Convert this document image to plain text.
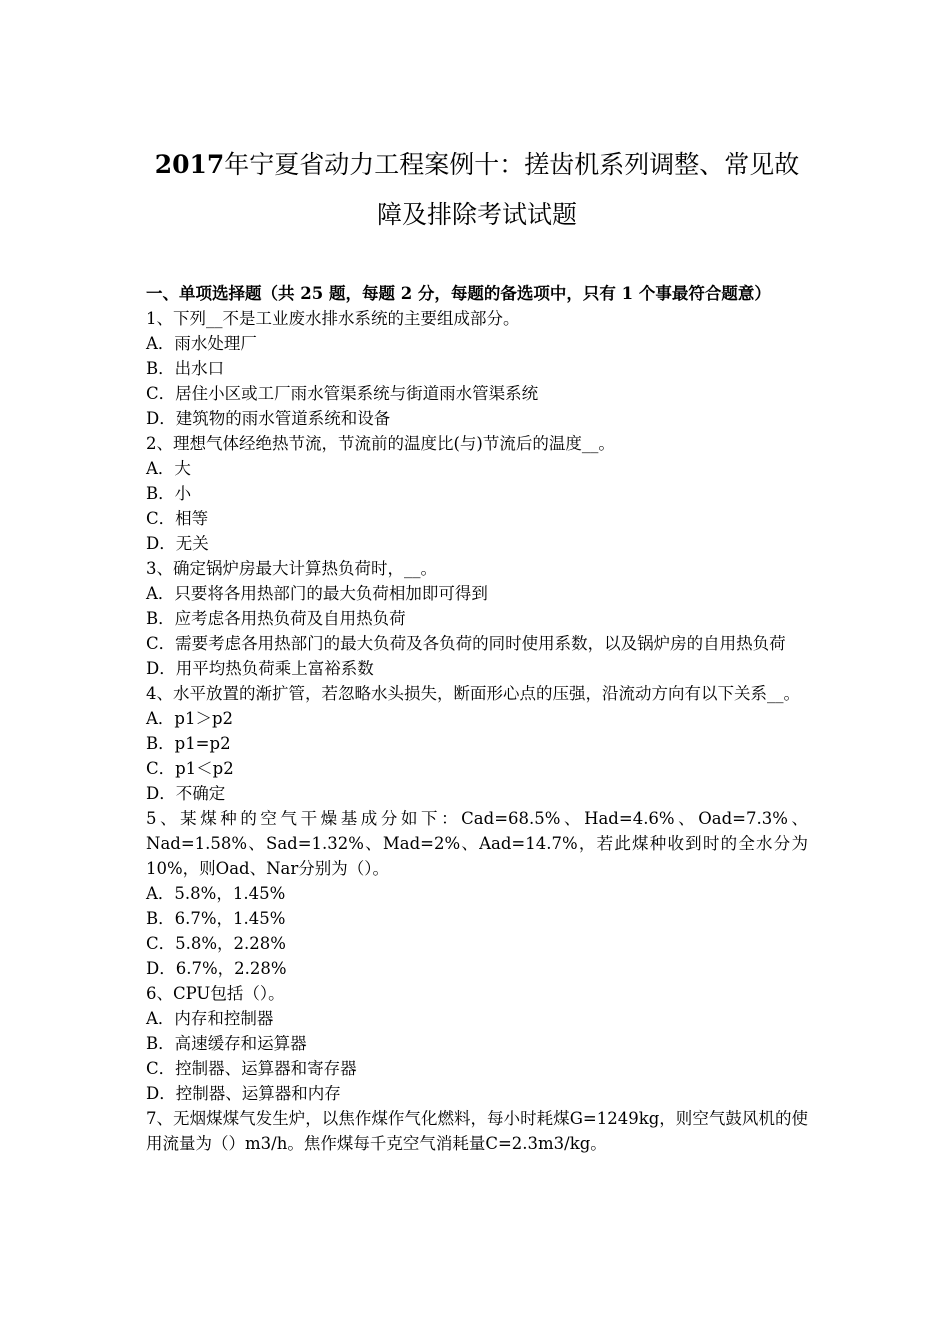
2017年宁夏省动力工程案例十：搓齿机系列调整、常见故障及排除考试试题
一、单项选择题（共 25 题，每题 2 分，每题的备选项中，只有 1 个事最符合题意）

1、下列__不是工业废水排水系统的主要组成部分。

A．雨水处理厂

B．出水口

C．居住小区或工厂雨水管渠系统与街道雨水管渠系统

D．建筑物的雨水管道系统和设备

2、理想气体经绝热节流，节流前的温度比(与)节流后的温度__。

A．大

B．小

C．相等

D．无关

3、确定锅炉房最大计算热负荷时，__。

A．只要将各用热部门的最大负荷相加即可得到

B．应考虑各用热负荷及自用热负荷

C．需要考虑各用热部门的最大负荷及各负荷的同时使用系数，以及锅炉房的自用热负荷

D．用平均热负荷乘上富裕系数

4、水平放置的渐扩管，若忽略水头损失，断面形心点的压强，沿流动方向有以下关系__。

A．p1＞p2

B．p1=p2

C．p1＜p2

D．不确定

5、某煤种的空气干燥基成分如下：Cad=68.5%、Had=4.6%、Oad=7.3%、Nad=1.58%、Sad=1.32%、Mad=2%、Aad=14.7%，若此煤种收到时的全水分为10%，则Oad、Nar分别为（）。

A．5.8%，1.45%

B．6.7%，1.45%

C．5.8%，2.28%

D．6.7%，2.28%

6、CPU包括（）。

A．内存和控制器

B．高速缓存和运算器

C．控制器、运算器和寄存器

D．控制器、运算器和内存

7、无烟煤煤气发生炉，以焦作煤作气化燃料，每小时耗煤G=1249kg，则空气鼓风机的使用流量为（）m3/h。焦作煤每千克空气消耗量C=2.3m3/kg。
